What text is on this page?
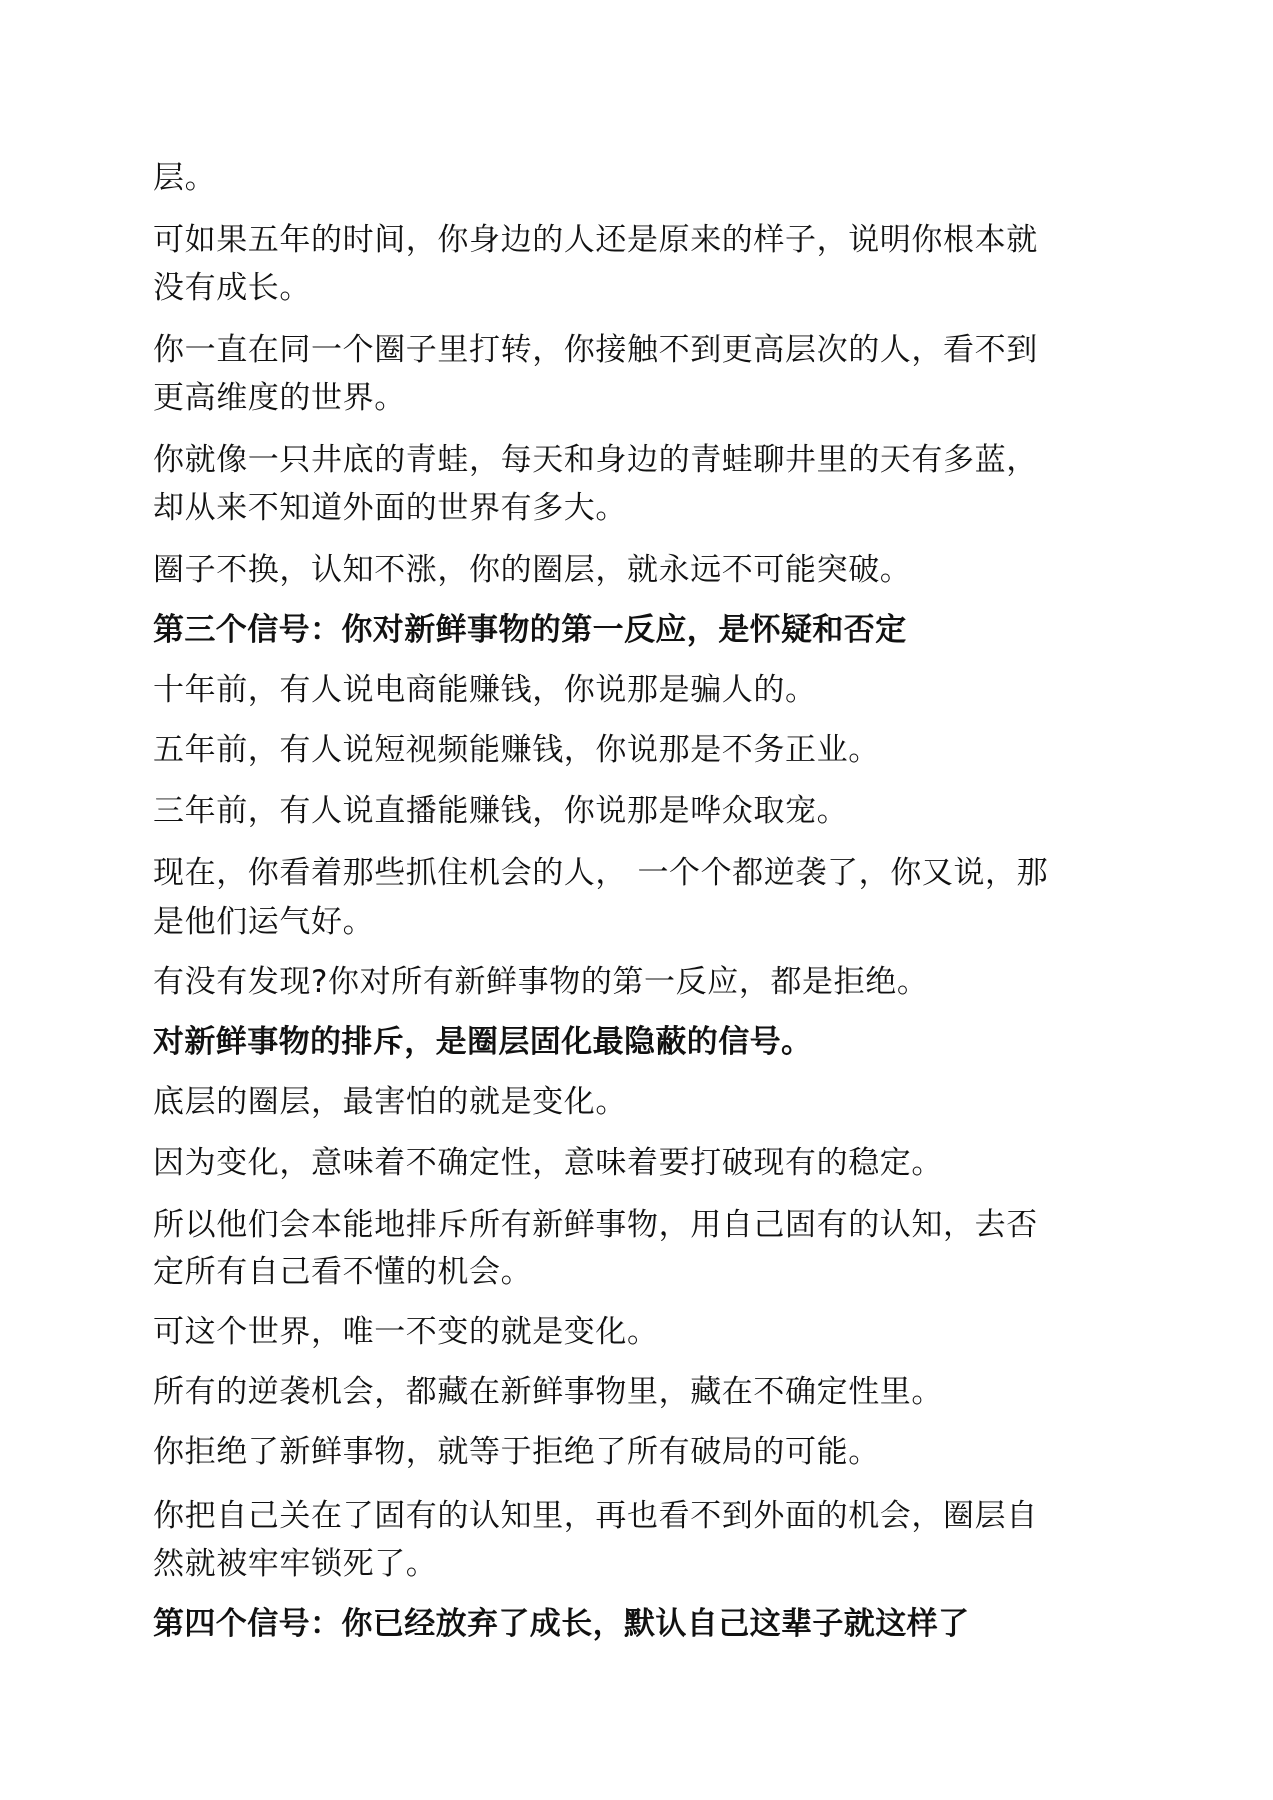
层。
可如果五年的时间，你身边的人还是原来的样子，说明你根本就
没有成长。
你一直在同一个圈子里打转，你接触不到更高层次的人，看不到
更高维度的世界。
你就像一只井底的青蛙，每天和身边的青蛙聊井里的天有多蓝，
却从来不知道外面的世界有多大。
圈子不换，认知不涨，你的圈层，就永远不可能突破。
第三个信号：你对新鲜事物的第一反应，是怀疑和否定
十年前，有人说电商能赚钱，你说那是骗人的。
五年前，有人说短视频能赚钱，你说那是不务正业。
三年前，有人说直播能赚钱，你说那是哗众取宠。
现在，你看着那些抓住机会的人， 一个个都逆袭了，你又说，那
是他们运气好。
有没有发现?你对所有新鲜事物的第一反应，都是拒绝。
对新鲜事物的排斥，是圈层固化最隐蔽的信号。
底层的圈层，最害怕的就是变化。
因为变化，意味着不确定性，意味着要打破现有的稳定。
所以他们会本能地排斥所有新鲜事物，用自己固有的认知，去否
定所有自己看不懂的机会。
可这个世界，唯一不变的就是变化。
所有的逆袭机会，都藏在新鲜事物里，藏在不确定性里。
你拒绝了新鲜事物，就等于拒绝了所有破局的可能。
你把自己关在了固有的认知里，再也看不到外面的机会，圈层自
然就被牢牢锁死了。
第四个信号：你已经放弃了成长，默认自己这辈子就这样了
